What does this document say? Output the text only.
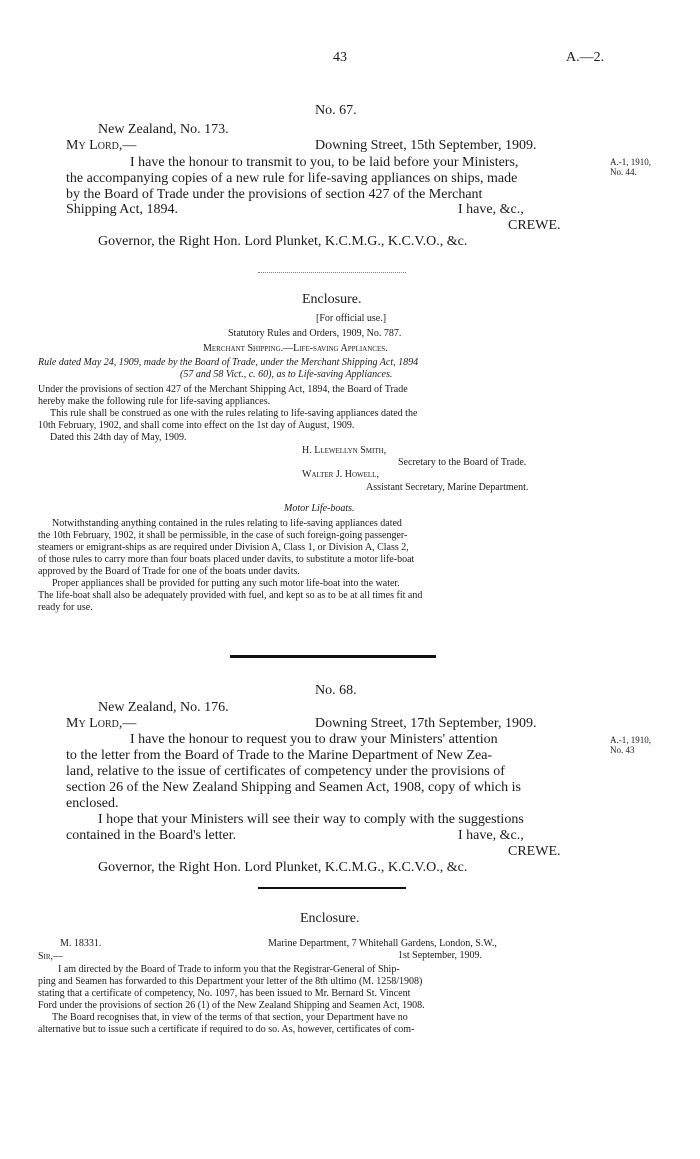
43	A.—2.
No. 67.
New Zealand, No. 173.
My Lord,—	Downing Street, 15th September, 1909.
I have the honour to transmit to you, to be laid before your Ministers,
the accompanying copies of a new rule for life-saving appliances on ships, made
by the Board of Trade under the provisions of section 427 of the Merchant
Shipping Act, 1894.	I have, &c.,
CREWE.
Governor, the Right Hon. Lord Plunket, K.C.M.G., K.C.V.O., &c.
A.-1, 1910,
No. 44.
Enclosure.
[For official use.]
Statutory Rules and Orders, 1909, No. 787.
Merchant Shipping.—Life-saving Appliances.
Rule dated May 24, 1909, made by the Board of Trade, under the Merchant Shipping Act, 1894
(57 and 58 Vict., c. 60), as to Life-saving Appliances.
Under the provisions of section 427 of the Merchant Shipping Act, 1894, the Board of Trade
hereby make the following rule for life-saving appliances.
This rule shall be construed as one with the rules relating to life-saving appliances dated the
10th February, 1902, and shall come into effect on the 1st day of August, 1909.
Dated this 24th day of May, 1909.
H. Llewellyn Smith,
Secretary to the Board of Trade.
Walter J. Howell,
Assistant Secretary, Marine Department.
Motor Life-boats.
Notwithstanding anything contained in the rules relating to life-saving appliances dated
the 10th February, 1902, it shall be permissible, in the case of such foreign-going passenger-
steamers or emigrant-ships as are required under Division A, Class 1, or Division A, Class 2,
of those rules to carry more than four boats placed under davits, to substitute a motor life-boat
approved by the Board of Trade for one of the boats under davits.
Proper appliances shall be provided for putting any such motor life-boat into the water.
The life-boat shall also be adequately provided with fuel, and kept so as to be at all times fit and
ready for use.
No. 68.
New Zealand, No. 176.
My Lord,—	Downing Street, 17th September, 1909.
I have the honour to request you to draw your Ministers' attention
to the letter from the Board of Trade to the Marine Department of New Zea-
land, relative to the issue of certificates of competency under the provisions of
section 26 of the New Zealand Shipping and Seamen Act, 1908, copy of which is
enclosed.
I hope that your Ministers will see their way to comply with the suggestions
contained in the Board's letter.	I have, &c.,
CREWE.
Governor, the Right Hon. Lord Plunket, K.C.M.G., K.C.V.O., &c.
A.-1, 1910,
No. 43
Enclosure.
M. 18331.	Marine Department, 7 Whitehall Gardens, London, S.W.,
1st September, 1909.
Sir,—
I am directed by the Board of Trade to inform you that the Registrar-General of Ship-
ping and Seamen has forwarded to this Department your letter of the 8th ultimo (M. 1258/1908)
stating that a certificate of competency, No. 1097, has been issued to Mr. Bernard St. Vincent
Ford under the provisions of section 26 (1) of the New Zealand Shipping and Seamen Act, 1908.
The Board recognises that, in view of the terms of that section, your Department have no
alternative but to issue such a certificate if required to do so. As, however, certificates of com-
